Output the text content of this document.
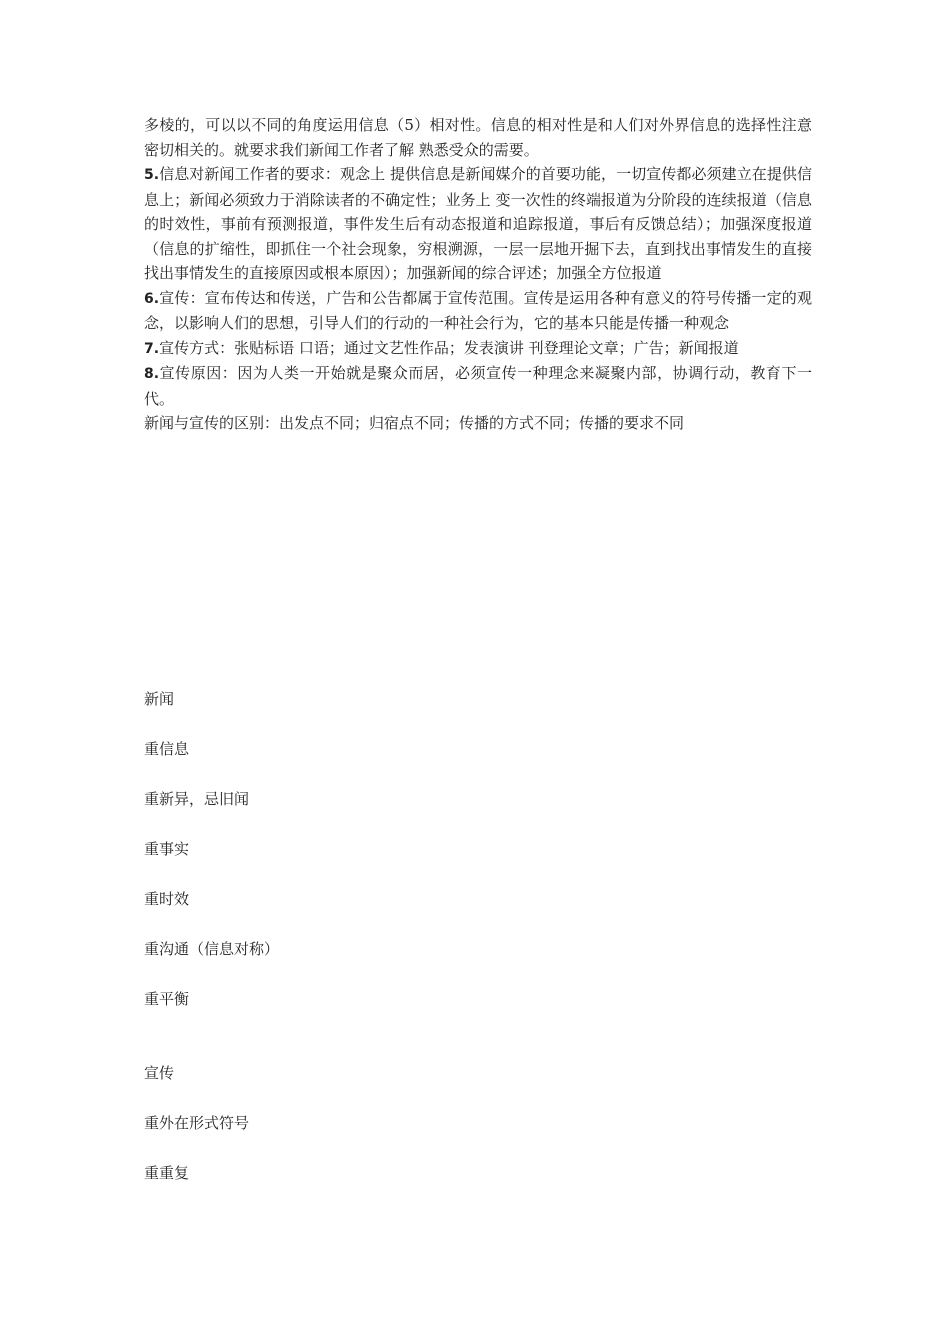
多棱的，可以以不同的角度运用信息（5）相对性。信息的相对性是和人们对外界信息的选择性注意密切相关的。就要求我们新闻工作者了解 熟悉受众的需要。

5.信息对新闻工作者的要求：观念上 提供信息是新闻媒介的首要功能，一切宣传都必须建立在提供信息上；新闻必须致力于消除读者的不确定性；业务上 变一次性的终端报道为分阶段的连续报道（信息的时效性，事前有预测报道，事件发生后有动态报道和追踪报道，事后有反馈总结）；加强深度报道（信息的扩缩性，即抓住一个社会现象，穷根溯源，一层一层地开掘下去，直到找出事情发生的直接找出事情发生的直接原因或根本原因）；加强新闻的综合评述；加强全方位报道

6.宣传：宣布传达和传送，广告和公告都属于宣传范围。宣传是运用各种有意义的符号传播一定的观念，以影响人们的思想，引导人们的行动的一种社会行为，它的基本只能是传播一种观念

7.宣传方式：张贴标语 口语；通过文艺性作品；发表演讲 刊登理论文章；广告；新闻报道

8.宣传原因：因为人类一开始就是聚众而居，必须宣传一种理念来凝聚内部，协调行动，教育下一代。

新闻与宣传的区别：出发点不同；归宿点不同；传播的方式不同；传播的要求不同

新闻

重信息

重新异，忌旧闻

重事实

重时效

重沟通（信息对称）

重平衡

宣传

重外在形式符号

重重复
